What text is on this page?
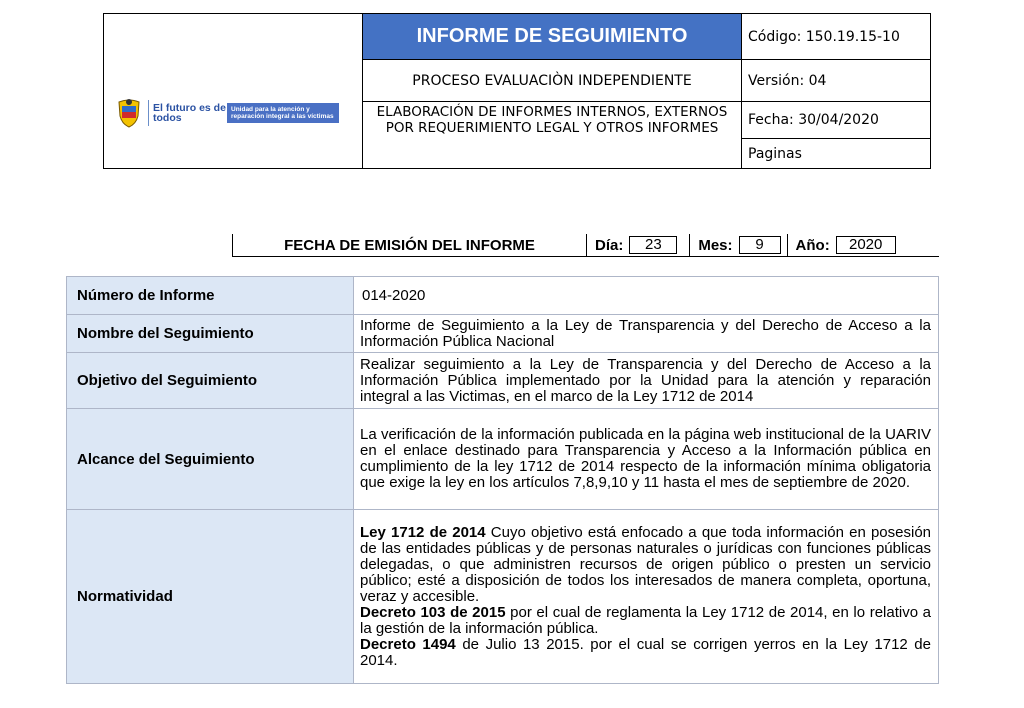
El futuro es de todos
Unidad para la atención y reparación integral a las víctimas	INFORME DE SEGUIMIENTO	Código: 150.19.15-10
	PROCESO EVALUACIÒN INDEPENDIENTE	Versión: 04
	ELABORACIÓN DE INFORMES INTERNOS, EXTERNOS POR REQUERIMIENTO LEGAL Y OTROS INFORMES	Fecha: 30/04/2020
		Paginas
FECHA DE EMISIÓN DEL INFORME	Día:	23	Mes:	9	Año:	2020
Número de Informe	014-2020
Nombre del Seguimiento	Informe de Seguimiento a la Ley de Transparencia y del Derecho de Acceso a la Información Pública Nacional
Objetivo del Seguimiento	Realizar seguimiento a la Ley de Transparencia y del Derecho de Acceso a la Información Pública implementado por la Unidad para la atención y reparación integral a las Victimas, en el marco de la Ley 1712 de 2014
Alcance del Seguimiento	La verificación de la información publicada en la página web institucional de la UARIV en el enlace destinado para Transparencia y Acceso a la Información pública en cumplimiento de la ley 1712 de 2014 respecto de la información mínima obligatoria que exige la ley en los artículos 7,8,9,10 y 11 hasta el mes de septiembre de 2020.
Normatividad	Ley 1712 de 2014 Cuyo objetivo está enfocado a que toda información en posesión de las entidades públicas y de personas naturales o jurídicas con funciones públicas delegadas, o que administren recursos de origen público o presten un servicio público; esté a disposición de todos los interesados de manera completa, oportuna, veraz y accesible.
Decreto 103 de 2015 por el cual de reglamenta la Ley 1712 de 2014, en lo relativo a la gestión de la información pública.
Decreto 1494 de Julio 13 2015. por el cual se corrigen yerros en la Ley 1712 de 2014.
